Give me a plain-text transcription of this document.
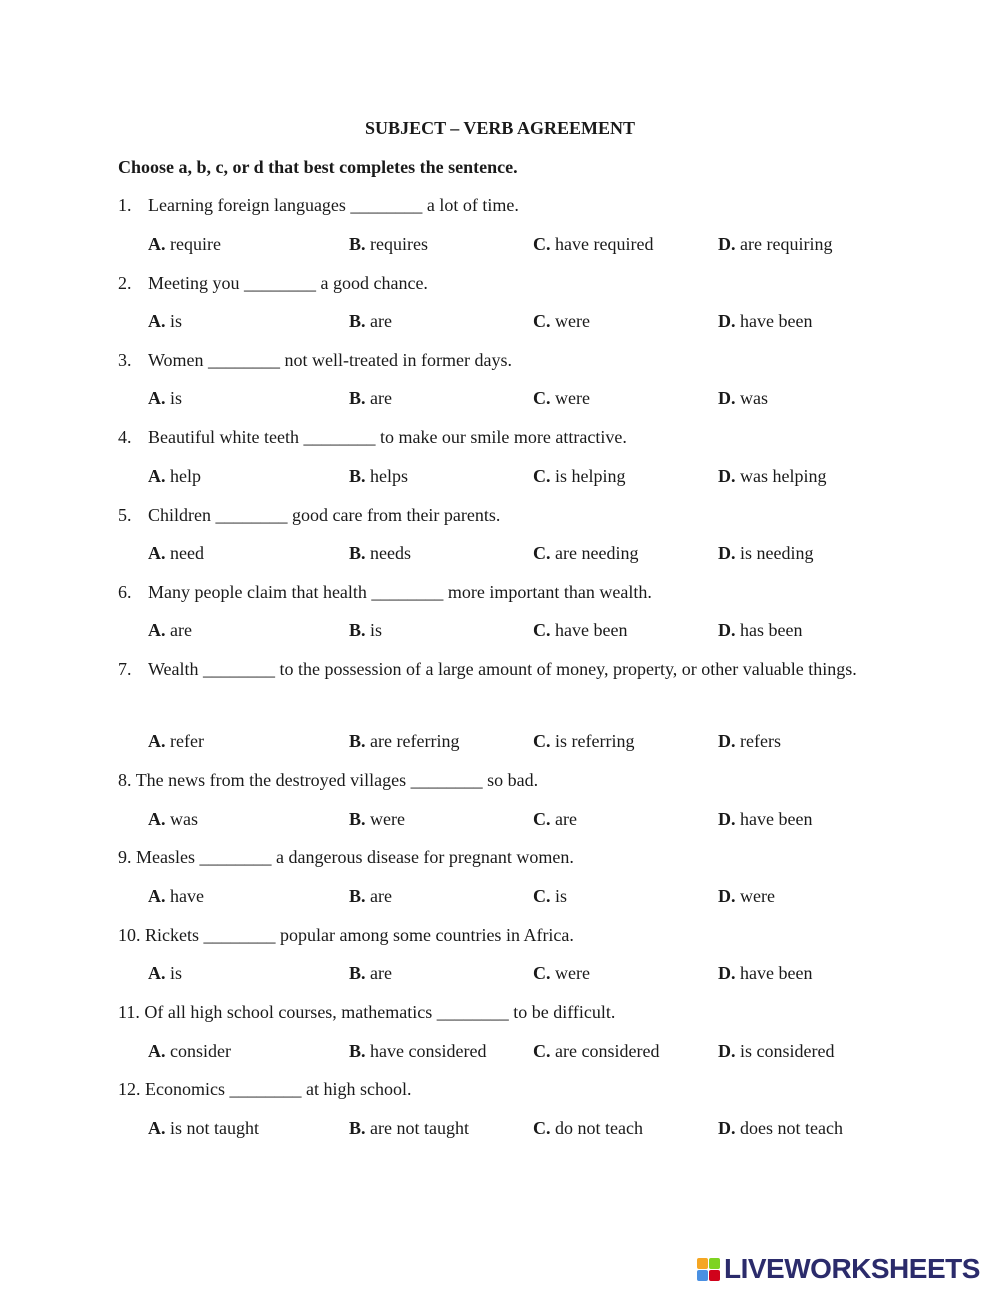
SUBJECT – VERB AGREEMENT
Choose a, b, c, or d that best completes the sentence.
1. Learning foreign languages ________ a lot of time.
A. require	B. requires	C. have required	D. are requiring
2. Meeting you ________ a good chance.
A. is	B. are	C. were	D. have been
3. Women ________ not well-treated in former days.
A. is	B. are	C. were	D. was
4. Beautiful white teeth ________ to make our smile more attractive.
A. help	B. helps	C. is helping	D. was helping
5. Children ________ good care from their parents.
A. need	B. needs	C. are needing	D. is needing
6. Many people claim that health ________ more important than wealth.
A. are	B. is	C. have been	D. has been
7. Wealth ________ to the possession of a large amount of money, property, or other valuable things.
A. refer	B. are referring	C. is referring	D. refers
8. The news from the destroyed villages ________ so bad.
A. was	B. were	C. are	D. have been
9. Measles ________ a dangerous disease for pregnant women.
A. have	B. are	C. is	D. were
10. Rickets ________ popular among some countries in Africa.
A. is	B. are	C. were	D. have been
11. Of all high school courses, mathematics ________ to be difficult.
A. consider	B. have considered	C. are considered	D. is considered
12. Economics ________ at high school.
A. is not taught	B. are not taught	C. do not teach	D. does not teach
LIVEWORKSHEETS
